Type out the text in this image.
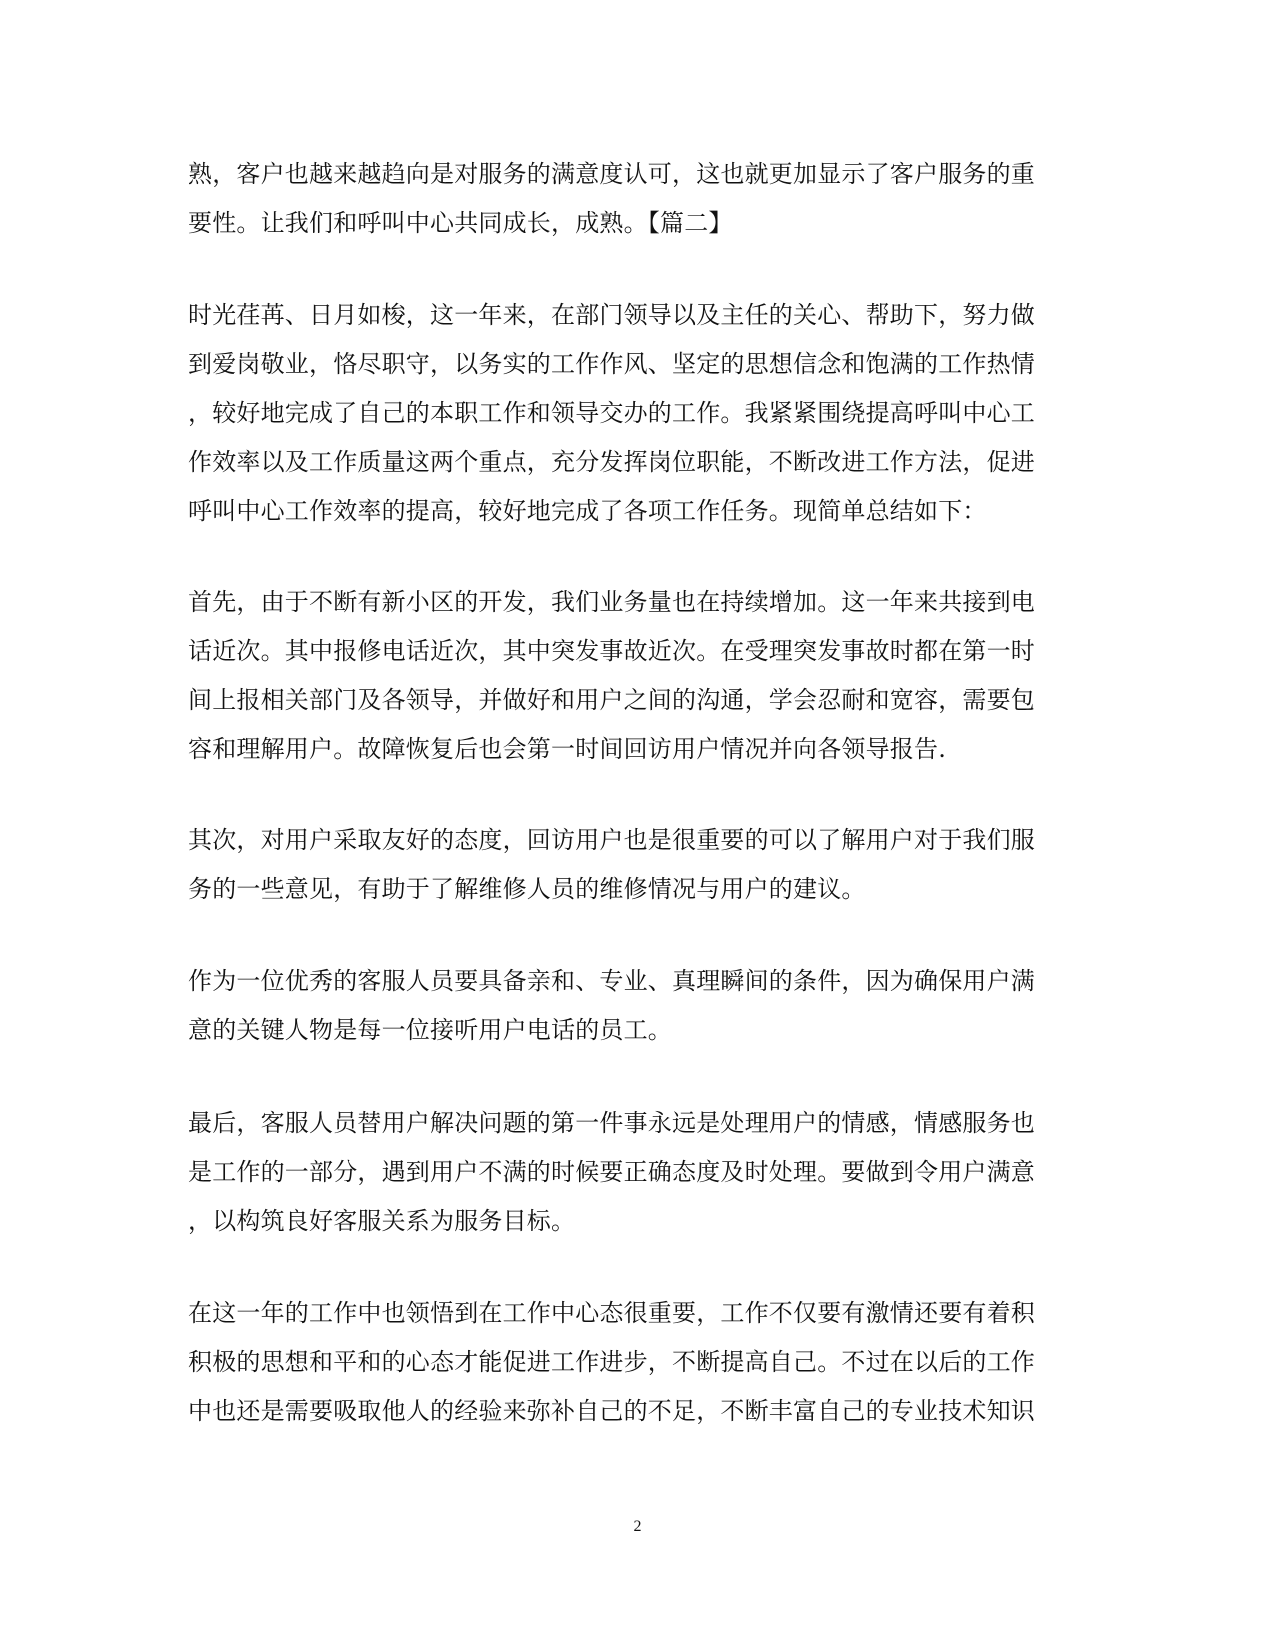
熟，客户也越来越趋向是对服务的满意度认可，这也就更加显示了客户服务的重
要性。让我们和呼叫中心共同成长，成熟。【篇二】
时光荏苒、日月如梭，这一年来，在部门领导以及主任的关心、帮助下，努力做
到爱岗敬业，恪尽职守，以务实的工作作风、坚定的思想信念和饱满的工作热情
，较好地完成了自己的本职工作和领导交办的工作。我紧紧围绕提高呼叫中心工
作效率以及工作质量这两个重点，充分发挥岗位职能，不断改进工作方法，促进
呼叫中心工作效率的提高，较好地完成了各项工作任务。现简单总结如下：
首先，由于不断有新小区的开发，我们业务量也在持续增加。这一年来共接到电
话近次。其中报修电话近次，其中突发事故近次。在受理突发事故时都在第一时
间上报相关部门及各领导，并做好和用户之间的沟通，学会忍耐和宽容，需要包
容和理解用户。故障恢复后也会第一时间回访用户情况并向各领导报告.
其次，对用户采取友好的态度，回访用户也是很重要的可以了解用户对于我们服
务的一些意见，有助于了解维修人员的维修情况与用户的建议。
作为一位优秀的客服人员要具备亲和、专业、真理瞬间的条件，因为确保用户满
意的关键人物是每一位接听用户电话的员工。
最后，客服人员替用户解决问题的第一件事永远是处理用户的情感，情感服务也
是工作的一部分，遇到用户不满的时候要正确态度及时处理。要做到令用户满意
，以构筑良好客服关系为服务目标。
在这一年的工作中也领悟到在工作中心态很重要，工作不仅要有激情还要有着积
积极的思想和平和的心态才能促进工作进步，不断提高自己。不过在以后的工作
中也还是需要吸取他人的经验来弥补自己的不足，不断丰富自己的专业技术知识
2
